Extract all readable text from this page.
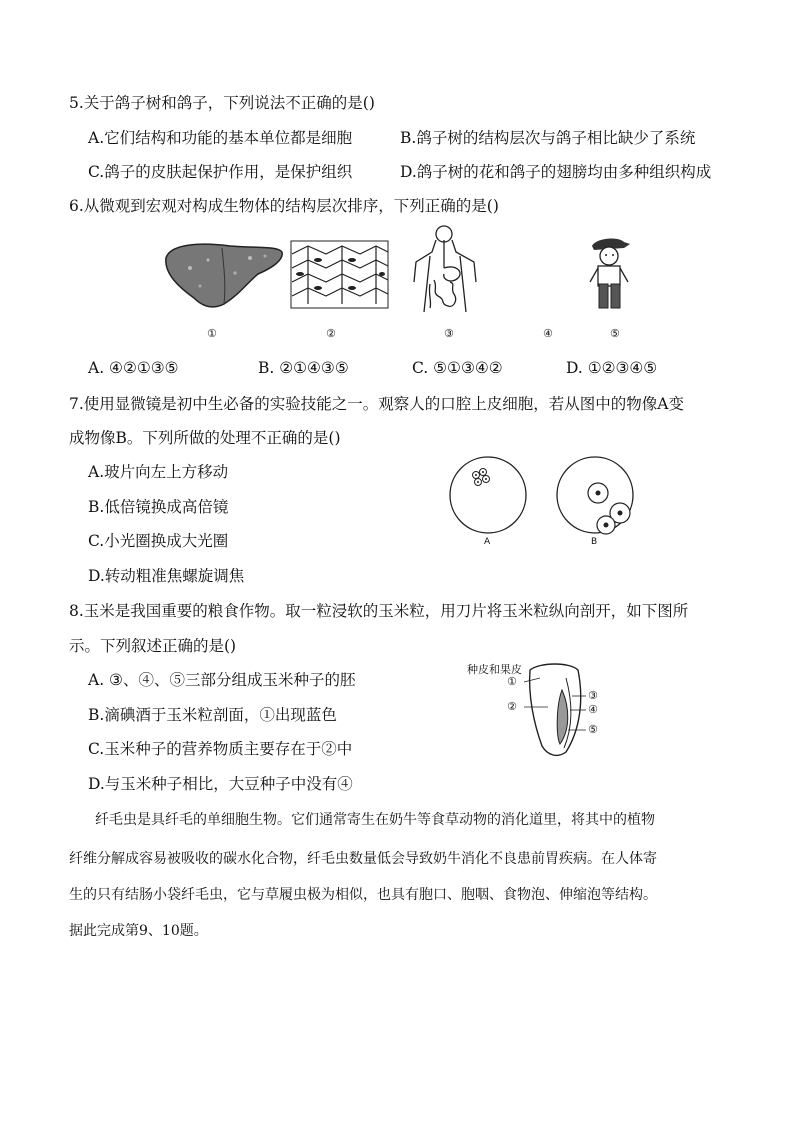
5.关于鸽子树和鸽子，下列说法不正确的是()
A.它们结构和功能的基本单位都是细胞	B.鸽子树的结构层次与鸽子相比缺少了系统
C.鸽子的皮肤起保护作用，是保护组织	D.鸽子树的花和鸽子的翅膀均由多种组织构成
6.从微观到宏观对构成生物体的结构层次排序，下列正确的是()
①	②	③	④	⑤
A. ④②①③⑤	B. ②①④③⑤	C. ⑤①③④②	D. ①②③④⑤
7.使用显微镜是初中生必备的实验技能之一。观察人的口腔上皮细胞，若从图中的物像A变
成物像B。下列所做的处理不正确的是()
A.玻片向左上方移动
B.低倍镜换成高倍镜
C.小光圈换成大光圈
D.转动粗准焦螺旋调焦
A	B
8.玉米是我国重要的粮食作物。取一粒浸软的玉米粒，用刀片将玉米粒纵向剖开，如下图所
示。下列叙述正确的是()
A. ③、④、⑤三部分组成玉米种子的胚
B.滴碘酒于玉米粒剖面，①出现蓝色
C.玉米种子的营养物质主要存在于②中
D.与玉米种子相比，大豆种子中没有④
种皮和果皮
①
②
③
④
⑤
纤毛虫是具纤毛的单细胞生物。它们通常寄生在奶牛等食草动物的消化道里，将其中的植物
纤维分解成容易被吸收的碳水化合物，纤毛虫数量低会导致奶牛消化不良患前胃疾病。在人体寄
生的只有结肠小袋纤毛虫，它与草履虫极为相似，也具有胞口、胞咽、食物泡、伸缩泡等结构。
据此完成第9、10题。
